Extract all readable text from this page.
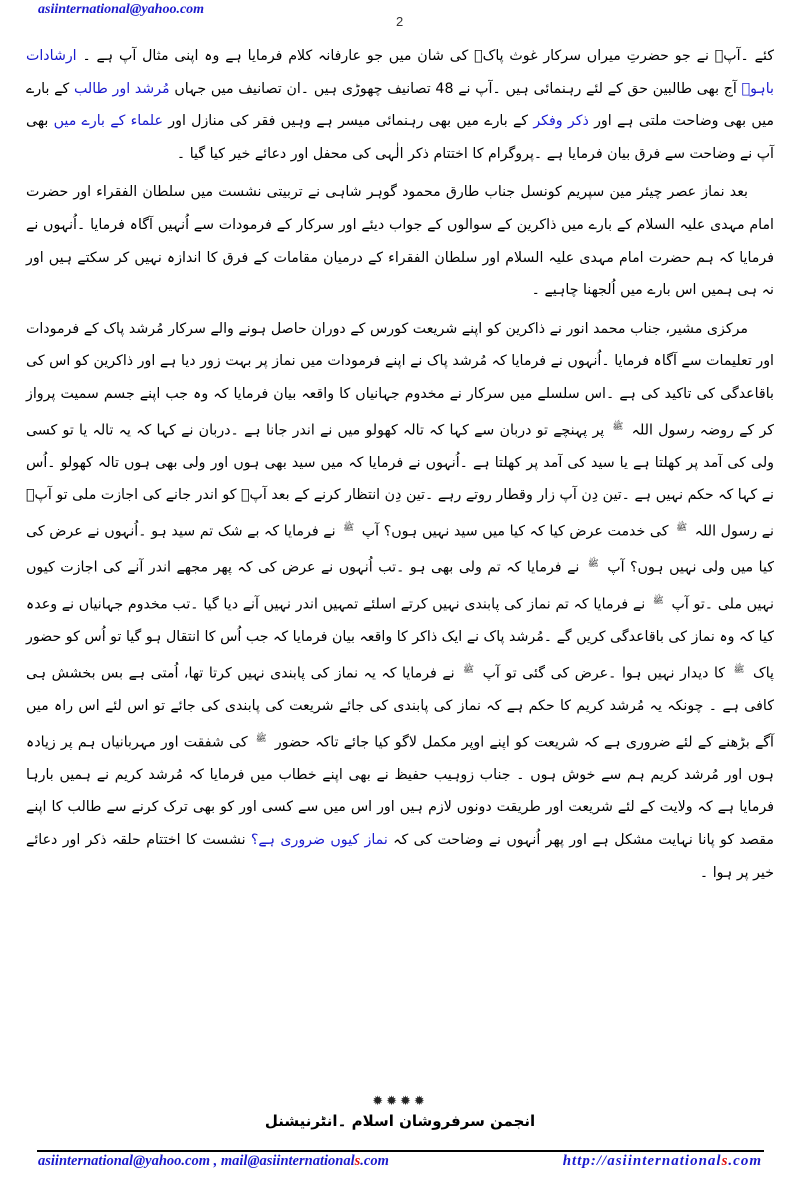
asiinternational@yahoo.com
2

کئے ۔آپؒ نے جو حضرتِ میراں سرکار غوث پاکؓ کی شان میں جو عارفانہ کلام فرمایا ہے وہ اپنی مثال آپ ہے ۔ ارشادات باہوؒ آج بھی طالبین حق کے لئے رہنمائی ہیں ۔آپ نے 48 تصانیف چھوڑی ہیں ۔ان تصانیف میں جہاں مُرشد اور طالب کے بارے میں بھی وضاحت ملتی ہے اور ذکر وفکر کے بارے میں بھی رہنمائی میسر ہے وہیں فقر کی منازل اور علماء کے بارے میں بھی آپ نے وضاحت سے فرق بیان فرمایا ہے ۔پروگرام کا اختتام ذکر الٰہی کی محفل اور دعائے خیر کیا گیا ۔

بعد نماز عصر چیئر مین سپریم کونسل جناب طارق محمود گوہر شاہی نے تربیتی نشست میں سلطان الفقراء اور حضرت امام مہدی علیہ السلام کے بارے میں ذاکرین کے سوالوں کے جواب دیئے اور سرکار کے فرمودات سے اُنہیں آگاہ فرمایا ۔اُنہوں نے فرمایا کہ ہم حضرت امام مہدی علیہ السلام اور سلطان الفقراء کے درمیان مقامات کے فرق کا اندازہ نہیں کر سکتے ہیں اور نہ ہی ہمیں اس بارے میں اُلجھنا چاہیے ۔

مرکزی مشیر، جناب محمد انور نے ذاکرین کو اپنے شریعت کورس کے دوران حاصل ہونے والے سرکار مُرشد پاک کے فرمودات اور تعلیمات سے آگاہ فرمایا ۔اُنہوں نے فرمایا کہ مُرشد پاک نے اپنے فرمودات میں نماز پر بہت زور دیا ہے اور ذاکرین کو اس کی باقاعدگی کی تاکید کی ہے ۔اس سلسلے میں سرکار نے مخدوم جہانیاں کا واقعہ بیان فرمایا کہ وہ جب اپنے جسم سمیت پرواز کر کے روضہ رسول اللہ $^ﷺ$ پر پہنچے تو دربان سے کہا کہ تالہ کھولو میں نے اندر جانا ہے ۔دربان نے کہا کہ یہ تالہ یا تو کسی ولی کی آمد پر کھلتا ہے یا سید کی آمد پر کھلتا ہے ۔اُنہوں نے فرمایا کہ میں سید بھی ہوں اور ولی بھی ہوں تالہ کھولو ۔اُس نے کہا کہ حکم نہیں ہے ۔تین دِن آپ زار وقطار روتے رہے ۔تین دِن انتظار کرنے کے بعد آپؒ کو اندر جانے کی اجازت ملی تو آپؒ نے رسول اللہ $^ﷺ$ کی خدمت عرض کیا کہ کیا میں سید نہیں ہوں؟ آپ $^ﷺ$ نے فرمایا کہ بے شک تم سید ہو ۔اُنہوں نے عرض کی کیا میں ولی نہیں ہوں؟ آپ $^ﷺ$ نے فرمایا کہ تم ولی بھی ہو ۔تب اُنہوں نے عرض کی کہ پھر مجھے اندر آنے کی اجازت کیوں نہیں ملی ۔تو آپ $^ﷺ$ نے فرمایا کہ تم نماز کی پابندی نہیں کرتے اسلئے تمہیں اندر نہیں آنے دیا گیا ۔تب مخدوم جہانیاں نے وعدہ کیا کہ وہ نماز کی باقاعدگی کریں گے ۔مُرشد پاک نے ایک ذاکر کا واقعہ بیان فرمایا کہ جب اُس کا انتقال ہو گیا تو اُس کو حضور پاک $^ﷺ$ کا دیدار نہیں ہوا ۔عرض کی گئی تو آپ $^ﷺ$ نے فرمایا کہ یہ نماز کی پابندی نہیں کرتا تھا، اُمتی ہے بس بخشش ہی کافی ہے ۔ چونکہ یہ مُرشد کریم کا حکم ہے کہ نماز کی پابندی کی جائے شریعت کی پابندی کی جائے تو اس لئے اس راہ میں آگے بڑھنے کے لئے ضروری ہے کہ شریعت کو اپنے اوپر مکمل لاگو کیا جائے تاکہ حضور $^ﷺ$ کی شفقت اور مہربانیاں ہم پر زیادہ ہوں اور مُرشد کریم ہم سے خوش ہوں ۔ جناب زوہیب حفیظ نے بھی اپنے خطاب میں فرمایا کہ مُرشد کریم نے ہمیں بارہا فرمایا ہے کہ ولایت کے لئے شریعت اور طریقت دونوں لازم ہیں اور اس میں سے کسی اور کو بھی ترک کرنے سے طالب کا اپنے مقصد کو پانا نہایت مشکل ہے اور پھر اُنہوں نے وضاحت کی کہ نماز کیوں ضروری ہے؟ نشست کا اختتام حلقہ ذکر اور دعائے خیر پر ہوا ۔

✹✹✹✹
انجمن سرفروشان اسلام ۔انٹرنیشنل
asiinternational@yahoo.com , mail@asiinternationals.com	http://asiinternationals.com
